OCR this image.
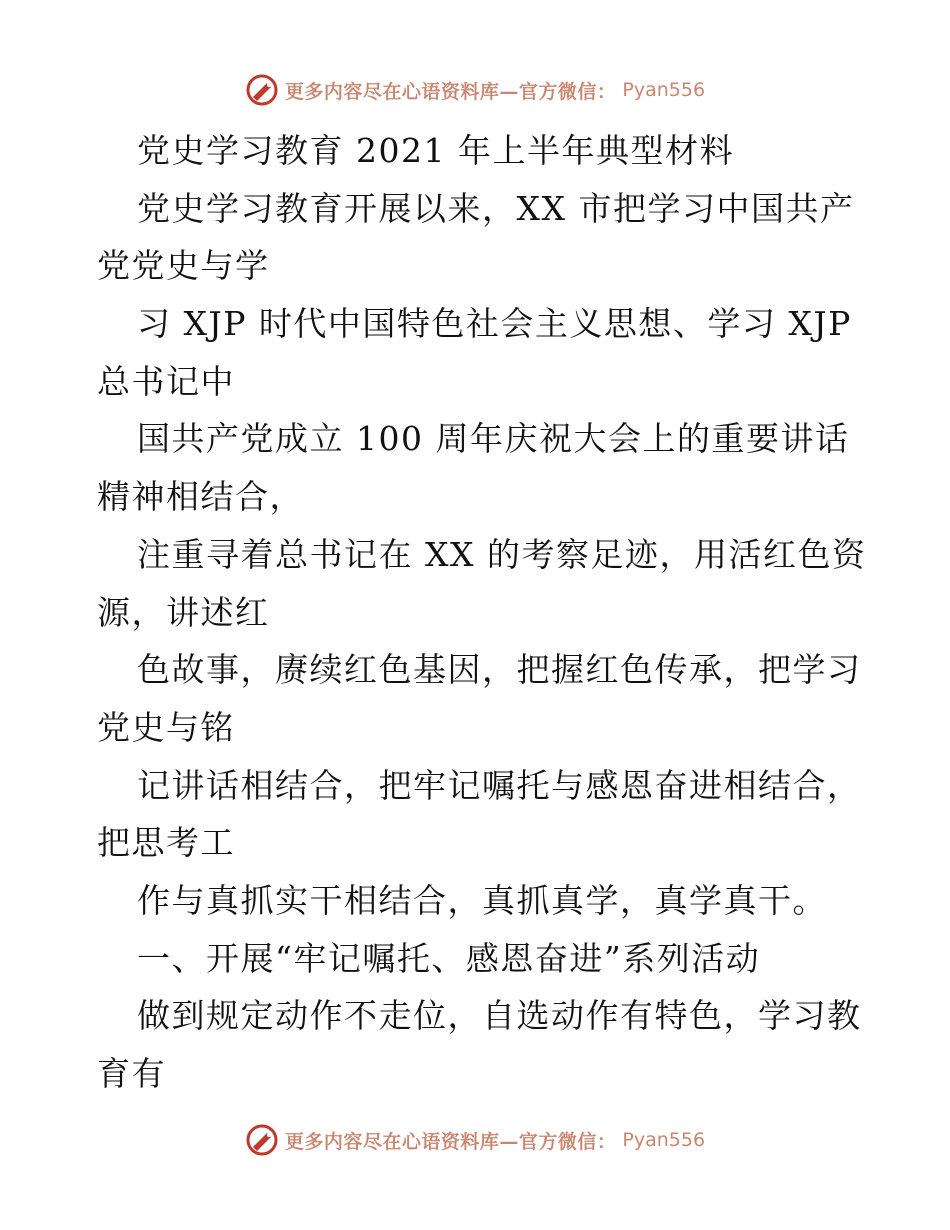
更多内容尽在心语资料库—官方微信： Pyan556
党史学习教育 2021 年上半年典型材料
党史学习教育开展以来，XX 市把学习中国共产
党党史与学
习 XJP 时代中国特色社会主义思想、学习 XJP
总书记中
国共产党成立 100 周年庆祝大会上的重要讲话
精神相结合，
注重寻着总书记在 XX 的考察足迹，用活红色资
源，讲述红
色故事，赓续红色基因，把握红色传承，把学习
党史与铭
记讲话相结合，把牢记嘱托与感恩奋进相结合，
把思考工
作与真抓实干相结合，真抓真学，真学真干。
一、开展“牢记嘱托、感恩奋进”系列活动
做到规定动作不走位，自选动作有特色，学习教
育有
更多内容尽在心语资料库—官方微信： Pyan556
